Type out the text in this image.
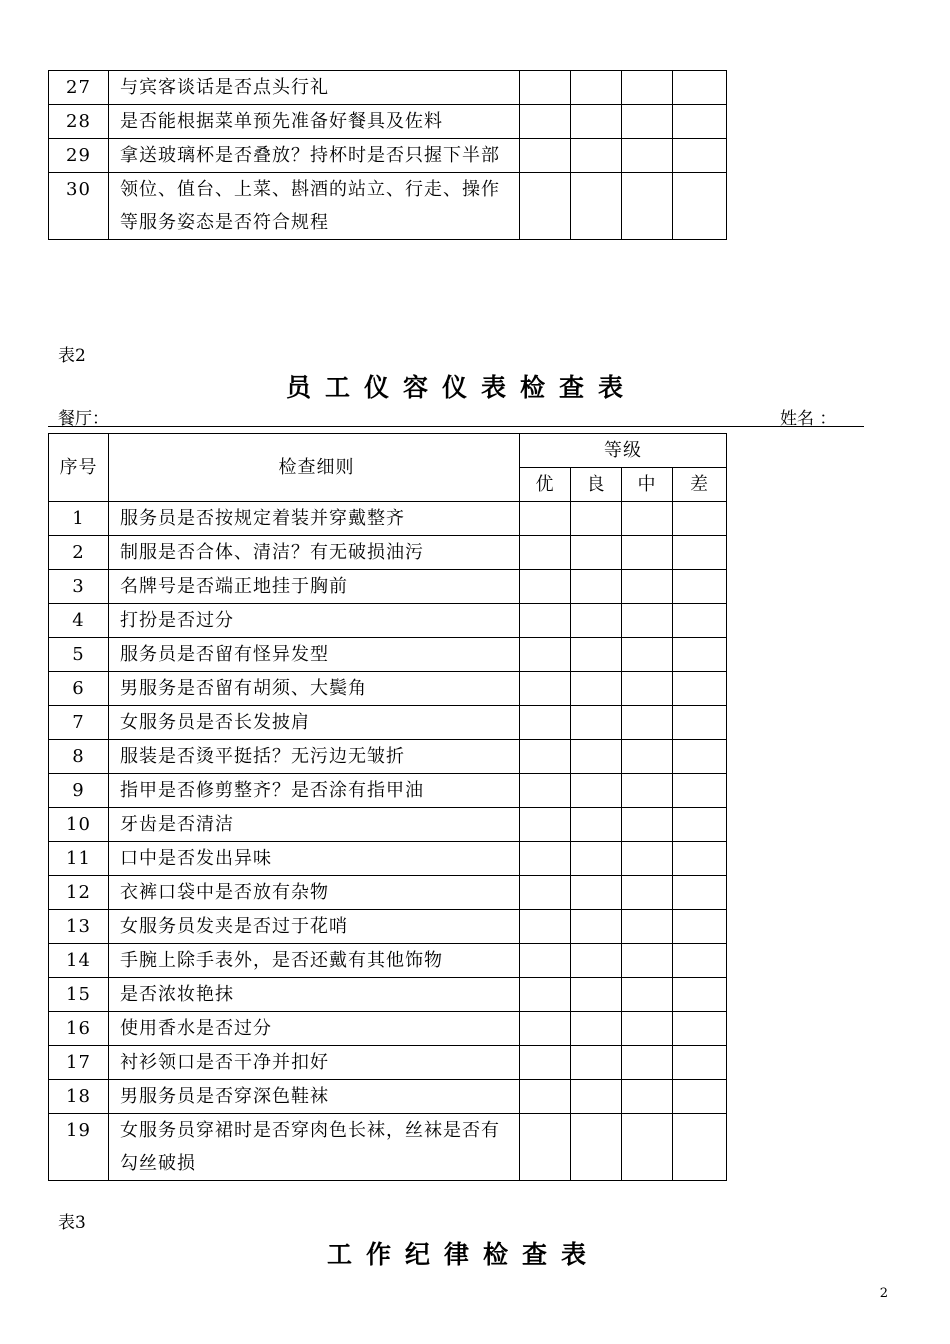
27	与宾客谈话是否点头行礼				
28	是否能根据菜单预先准备好餐具及佐料				
29	拿送玻璃杯是否叠放？持杯时是否只握下半部				
30	领位、值台、上菜、斟酒的站立、行走、操作等服务姿态是否符合规程				
表2
员工仪容仪表检查表
餐厅：	姓名 ：
序号	检查细则	等级			
		优	良	中	差
1	服务员是否按规定着装并穿戴整齐				
2	制服是否合体、清洁？有无破损油污				
3	名牌号是否端正地挂于胸前				
4	打扮是否过分				
5	服务员是否留有怪异发型				
6	男服务是否留有胡须、大鬓角				
7	女服务员是否长发披肩				
8	服装是否烫平挺括？无污边无皱折				
9	指甲是否修剪整齐？是否涂有指甲油				
10	牙齿是否清洁				
11	口中是否发出异味				
12	衣裤口袋中是否放有杂物				
13	女服务员发夹是否过于花哨				
14	手腕上除手表外，是否还戴有其他饰物				
15	是否浓妆艳抹				
16	使用香水是否过分				
17	衬衫领口是否干净并扣好				
18	男服务员是否穿深色鞋袜				
19	女服务员穿裙时是否穿肉色长袜，丝袜是否有勾丝破损				
表3
工作纪律检查表
2
